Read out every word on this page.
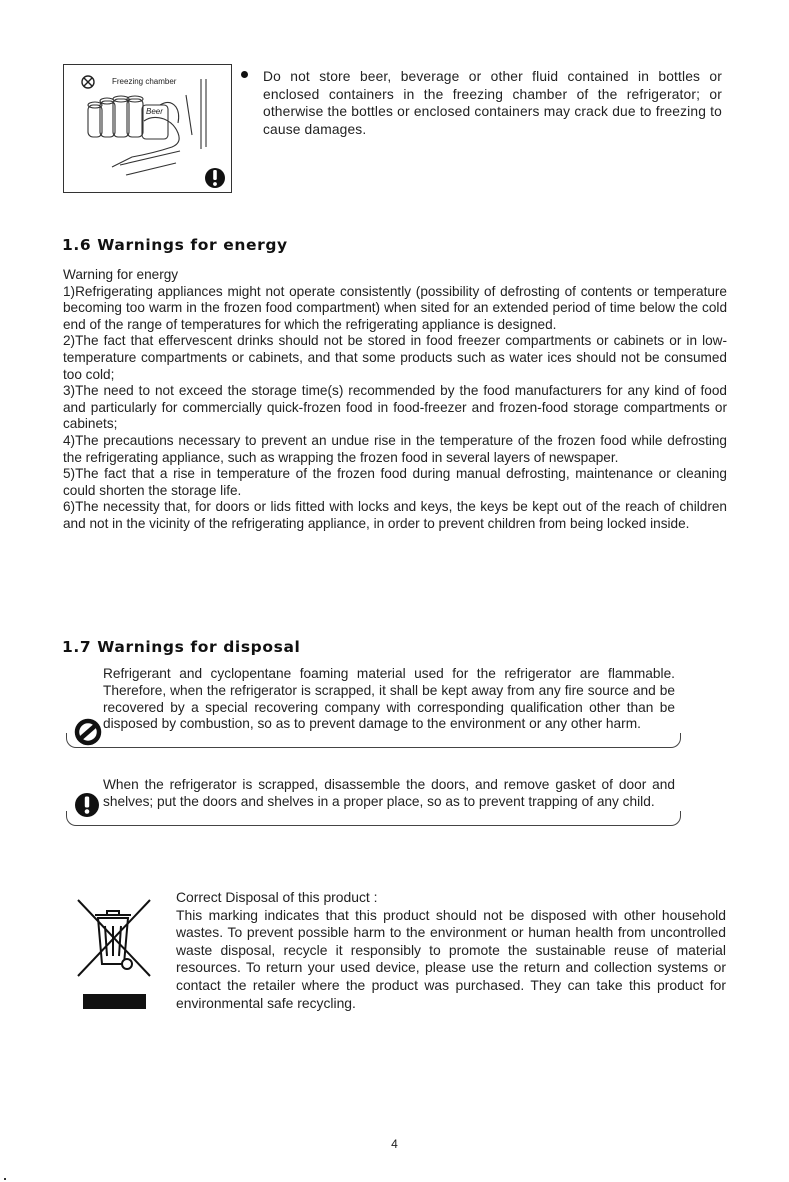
Freezing chamber
Beer

Do not store beer, beverage or other fluid contained in bottles or enclosed containers in the freezing chamber of the refrigerator; or otherwise the bottles or enclosed containers may crack due to freezing to cause damages.

1.6 Warnings for energy

Warning for energy

1)Refrigerating appliances might not operate consistently (possibility of defrosting of contents or temperature becoming too warm in the frozen food compartment) when sited for an extended period of time below the cold end of the range of temperatures for which the refrigerating appliance is designed.

2)The fact that effervescent drinks should not be stored in food freezer compartments or cabinets or in low-temperature compartments or cabinets, and that some products such as water ices should not be consumed too cold;

3)The need to not exceed the storage time(s) recommended by the food manufacturers for any kind of food and particularly for commercially quick-frozen food in food-freezer and frozen-food storage compartments or cabinets;

4)The precautions necessary to prevent an undue rise in the temperature of the frozen food while defrosting the refrigerating appliance, such as wrapping the frozen food in several layers of newspaper.

5)The fact that a rise in temperature of the frozen food during manual defrosting, maintenance or cleaning could shorten the storage life.

6)The necessity that, for doors or lids fitted with locks and keys, the keys be kept out of the reach of children and not in the vicinity of the refrigerating appliance, in order to prevent children from being locked inside.

1.7 Warnings for disposal

Refrigerant and cyclopentane foaming material used for the refrigerator are flammable. Therefore, when the refrigerator is scrapped, it shall be kept away from any fire source and be recovered by a special recovering company with corresponding qualification other than be disposed by combustion, so as to prevent damage to the environment or any other harm.

When the refrigerator is scrapped, disassemble the doors, and remove gasket of door and shelves; put the doors and shelves in a proper place, so as to prevent trapping of any child.

Correct Disposal of this product :

This marking indicates that this product should not be disposed with other household wastes. To prevent possible harm to the environment or human health from uncontrolled waste disposal, recycle it responsibly to promote the sustainable reuse of material resources. To return your used device, please use the return and collection systems or contact the retailer where the product was purchased. They can take this product for environmental safe recycling.

4
